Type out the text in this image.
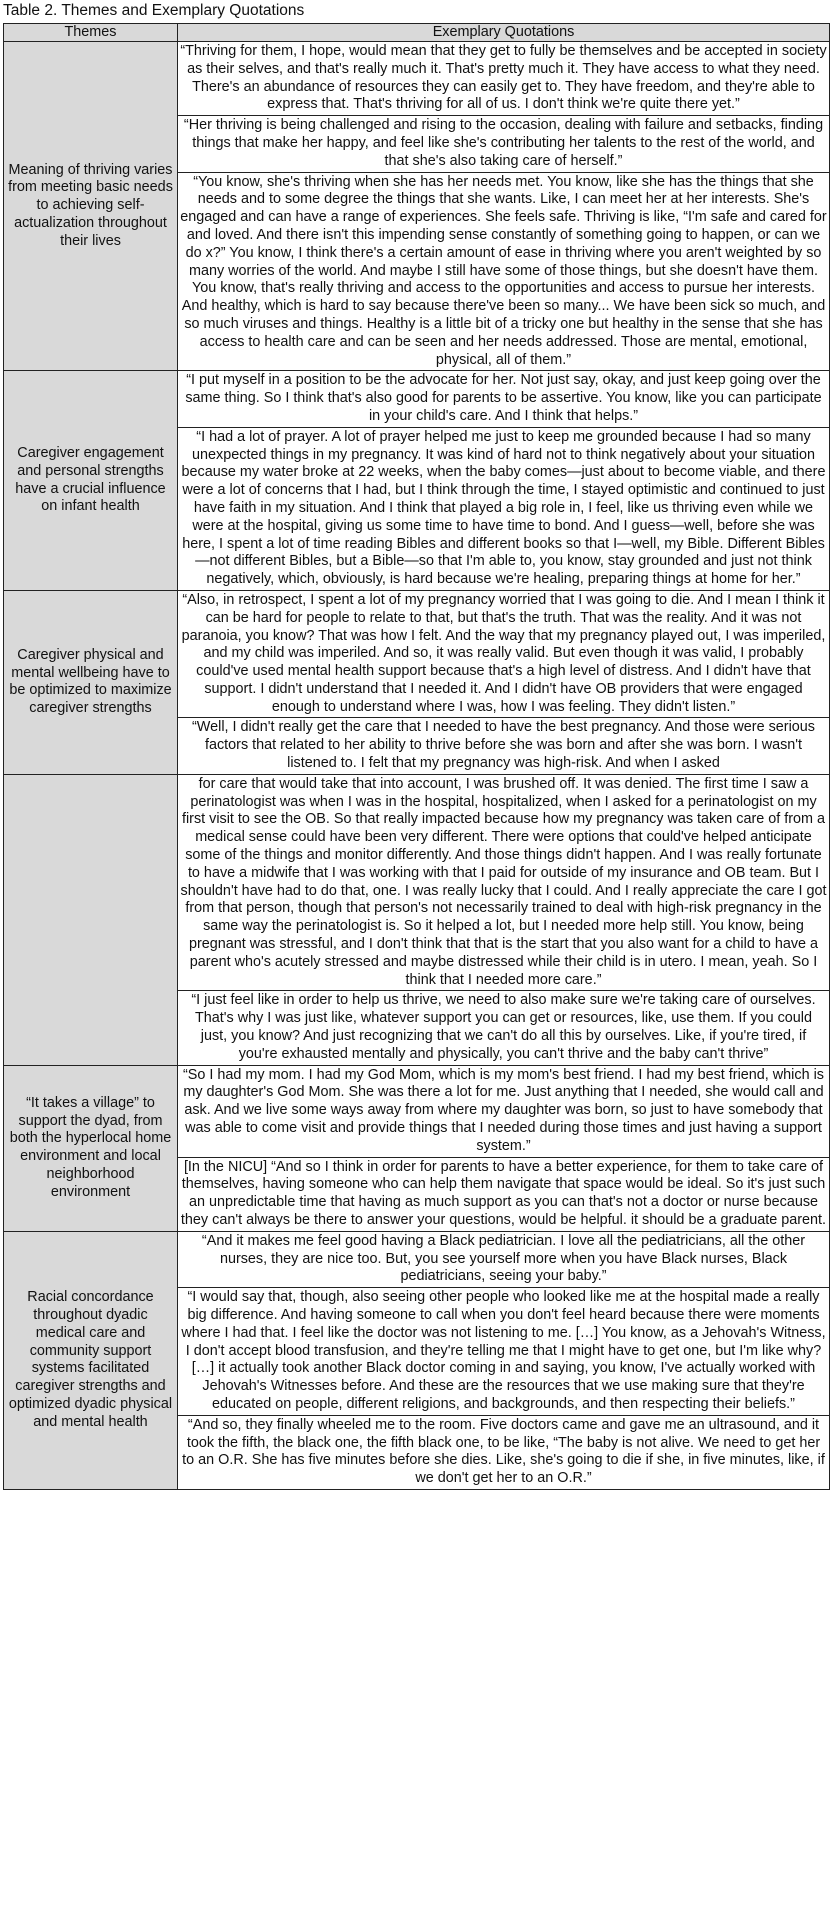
Table 2. Themes and Exemplary Quotations
Themes	Exemplary Quotations
Meaning of thriving varies from meeting basic needs to achieving self-actualization throughout their lives	“Thriving for them, I hope, would mean that they get to fully be themselves and be accepted in society as their selves, and that's really much it. That's pretty much it. They have access to what they need. There's an abundance of resources they can easily get to. They have freedom, and they're able to express that. That's thriving for all of us. I don't think we're quite there yet.”
	“Her thriving is being challenged and rising to the occasion, dealing with failure and setbacks, finding things that make her happy, and feel like she's contributing her talents to the rest of the world, and that she's also taking care of herself.”
	“You know, she's thriving when she has her needs met. You know, like she has the things that she needs and to some degree the things that she wants. Like, I can meet her at her interests. She's engaged and can have a range of experiences. She feels safe. Thriving is like, “I'm safe and cared for and loved. And there isn't this impending sense constantly of something going to happen, or can we do x?” You know, I think there's a certain amount of ease in thriving where you aren't weighted by so many worries of the world. And maybe I still have some of those things, but she doesn't have them. You know, that's really thriving and access to the opportunities and access to pursue her interests. And healthy, which is hard to say because there've been so many... We have been sick so much, and so much viruses and things. Healthy is a little bit of a tricky one but healthy in the sense that she has access to health care and can be seen and her needs addressed. Those are mental, emotional, physical, all of them.”
Caregiver engagement and personal strengths have a crucial influence on infant health	“I put myself in a position to be the advocate for her. Not just say, okay, and just keep going over the same thing. So I think that's also good for parents to be assertive. You know, like you can participate in your child's care. And I think that helps.”
	“I had a lot of prayer. A lot of prayer helped me just to keep me grounded because I had so many unexpected things in my pregnancy. It was kind of hard not to think negatively about your situation because my water broke at 22 weeks, when the baby comes—just about to become viable, and there were a lot of concerns that I had, but I think through the time, I stayed optimistic and continued to just have faith in my situation. And I think that played a big role in, I feel, like us thriving even while we were at the hospital, giving us some time to have time to bond. And I guess—well, before she was here, I spent a lot of time reading Bibles and different books so that I—well, my Bible. Different Bibles—not different Bibles, but a Bible—so that I'm able to, you know, stay grounded and just not think negatively, which, obviously, is hard because we're healing, preparing things at home for her.”
Caregiver physical and mental wellbeing have to be optimized to maximize caregiver strengths	“Also, in retrospect, I spent a lot of my pregnancy worried that I was going to die. And I mean I think it can be hard for people to relate to that, but that's the truth. That was the reality. And it was not paranoia, you know? That was how I felt. And the way that my pregnancy played out, I was imperiled, and my child was imperiled. And so, it was really valid. But even though it was valid, I probably could've used mental health support because that's a high level of distress. And I didn't have that support. I didn't understand that I needed it. And I didn't have OB providers that were engaged enough to understand where I was, how I was feeling. They didn't listen.”
	“Well, I didn't really get the care that I needed to have the best pregnancy. And those were serious factors that related to her ability to thrive before she was born and after she was born. I wasn't listened to. I felt that my pregnancy was high-risk. And when I asked
	for care that would take that into account, I was brushed off. It was denied. The first time I saw a perinatologist was when I was in the hospital, hospitalized, when I asked for a perinatologist on my first visit to see the OB. So that really impacted because how my pregnancy was taken care of from a medical sense could have been very different. There were options that could've helped anticipate some of the things and monitor differently. And those things didn't happen. And I was really fortunate to have a midwife that I was working with that I paid for outside of my insurance and OB team. But I shouldn't have had to do that, one. I was really lucky that I could. And I really appreciate the care I got from that person, though that person's not necessarily trained to deal with high-risk pregnancy in the same way the perinatologist is. So it helped a lot, but I needed more help still. You know, being pregnant was stressful, and I don't think that that is the start that you also want for a child to have a parent who's acutely stressed and maybe distressed while their child is in utero. I mean, yeah. So I think that I needed more care.”
	“I just feel like in order to help us thrive, we need to also make sure we're taking care of ourselves. That's why I was just like, whatever support you can get or resources, like, use them. If you could just, you know? And just recognizing that we can't do all this by ourselves. Like, if you're tired, if you're exhausted mentally and physically, you can't thrive and the baby can't thrive”
“It takes a village” to support the dyad, from both the hyperlocal home environment and local neighborhood environment	“So I had my mom. I had my God Mom, which is my mom's best friend. I had my best friend, which is my daughter's God Mom. She was there a lot for me. Just anything that I needed, she would call and ask. And we live some ways away from where my daughter was born, so just to have somebody that was able to come visit and provide things that I needed during those times and just having a support system.”
	[In the NICU] “And so I think in order for parents to have a better experience, for them to take care of themselves, having someone who can help them navigate that space would be ideal. So it's just such an unpredictable time that having as much support as you can that's not a doctor or nurse because they can't always be there to answer your questions, would be helpful. it should be a graduate parent.
Racial concordance throughout dyadic medical care and community support systems facilitated caregiver strengths and optimized dyadic physical and mental health	“And it makes me feel good having a Black pediatrician. I love all the pediatricians, all the other nurses, they are nice too. But, you see yourself more when you have Black nurses, Black pediatricians, seeing your baby.”
	“I would say that, though, also seeing other people who looked like me at the hospital made a really big difference. And having someone to call when you don't feel heard because there were moments where I had that. I feel like the doctor was not listening to me. […] You know, as a Jehovah's Witness, I don't accept blood transfusion, and they're telling me that I might have to get one, but I'm like why? […] it actually took another Black doctor coming in and saying, you know, I've actually worked with Jehovah's Witnesses before. And these are the resources that we use making sure that they're educated on people, different religions, and backgrounds, and then respecting their beliefs.”
	“And so, they finally wheeled me to the room. Five doctors came and gave me an ultrasound, and it took the fifth, the black one, the fifth black one, to be like, “The baby is not alive. We need to get her to an O.R. She has five minutes before she dies. Like, she's going to die if she, in five minutes, like, if we don't get her to an O.R.”
